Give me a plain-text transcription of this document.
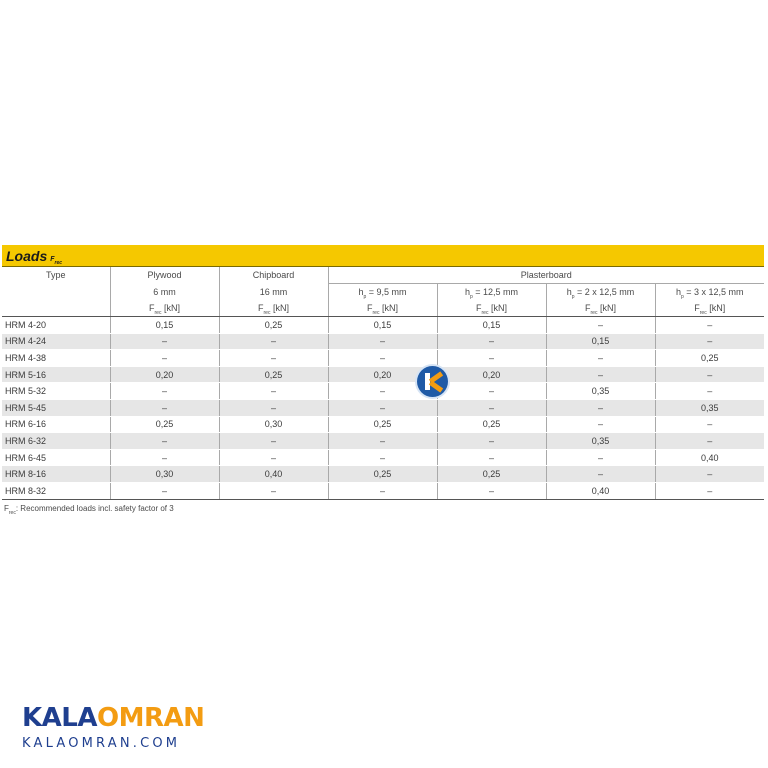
Loads $F_{rec}$
Type	Plywood	Chipboard	Plasterboard			
	6 mm	16 mm	$h_p = 9,5$ mm	$h_p = 12,5$ mm	$h_p = 2$ x 12,5 mm	$h_p = 3$ x 12,5 mm
	$F_{rec}$ [kN]	$F_{rec}$ [kN]	$F_{rec}$ [kN]	$F_{rec}$ [kN]	$F_{rec}$ [kN]	$F_{rec}$ [kN]
HRM 4-20	0,15	0,25	0,15	0,15	–	–
HRM 4-24	–	–	–	–	0,15	–
HRM 4-38	–	–	–	–	–	0,25
HRM 5-16	0,20	0,25	0,20	0,20	–	–
HRM 5-32	–	–	–	–	0,35	–
HRM 5-45	–	–	–	–	–	0,35
HRM 6-16	0,25	0,30	0,25	0,25	–	–
HRM 6-32	–	–	–	–	0,35	–
HRM 6-45	–	–	–	–	–	0,40
HRM 8-16	0,30	0,40	0,25	0,25	–	–
HRM 8-32	–	–	–	–	0,40	–
$F_{rec}$: Recommended loads incl. safety factor of 3
KALAOMRAN
KALAOMRAN.COM
